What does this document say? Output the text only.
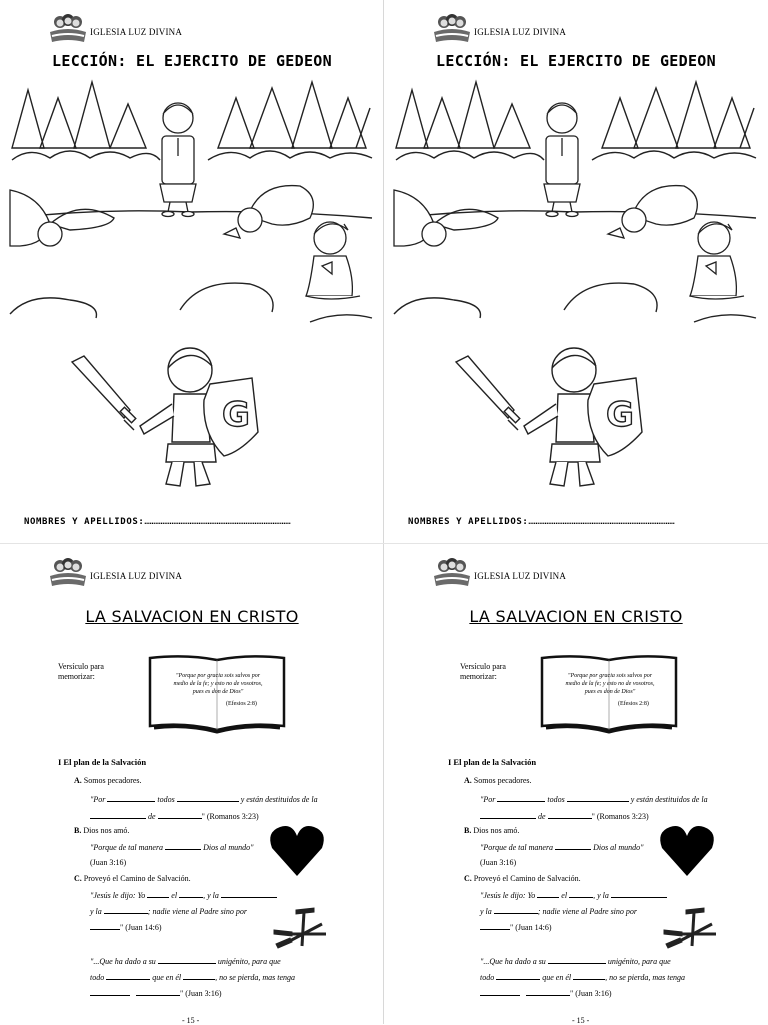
IGLESIA LUZ DIVINA
LECCIÓN: EL EJERCITO DE GEDEON
G
NOMBRES Y APELLIDOS:………………………………………………………………………
IGLESIA LUZ DIVINA
LECCIÓN: EL EJERCITO DE GEDEON
G
NOMBRES Y APELLIDOS:………………………………………………………………………
IGLESIA LUZ DIVINA
LA SALVACION EN CRISTO
Versículo para memorizar:	"Porque por gracia sois salvos por medio de la fe; y esto no de vosotros, pues es don de Dios"
(Efesios 2:8)
I El plan de la Salvación
A. Somos pecadores.
"Por	todos	y están destituidos de la
de	" (Romanos 3:23)
B. Dios nos amó.
"Porque de tal manera	Dios al mundo"
(Juan 3:16)
C. Proveyó el Camino de Salvación.
"Jesús le dijo: Yo	el	, y la
y la	; nadie viene al Padre sino por
" (Juan 14:6)
"...Que ha dado a su	unigénito, para que
todo	que en él	, no se pierda, mas tenga
" (Juan 3:16)
- 15 -
IGLESIA LUZ DIVINA
LA SALVACION EN CRISTO
Versículo para memorizar:	"Porque por gracia sois salvos por medio de la fe; y esto no de vosotros, pues es don de Dios"
(Efesios 2:8)
I El plan de la Salvación
A. Somos pecadores.
"Por	todos	y están destituidos de la
de	" (Romanos 3:23)
B. Dios nos amó.
"Porque de tal manera	Dios al mundo"
(Juan 3:16)
C. Proveyó el Camino de Salvación.
"Jesús le dijo: Yo	el	, y la
y la	; nadie viene al Padre sino por
" (Juan 14:6)
"...Que ha dado a su	unigénito, para que
todo	que en él	, no se pierda, mas tenga
" (Juan 3:16)
- 15 -
